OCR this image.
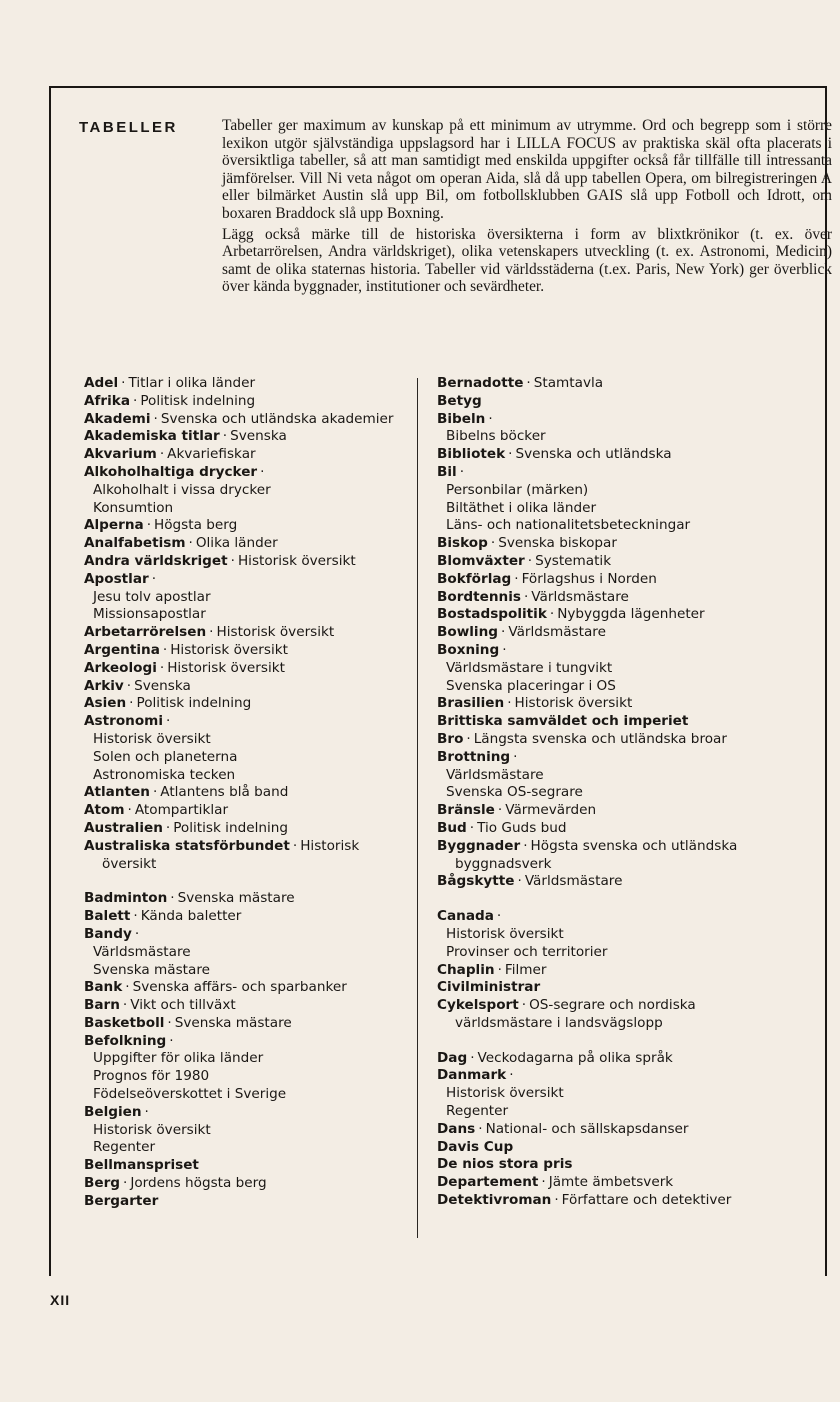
TABELLER	Tabeller ger maximum av kunskap på ett minimum av utrymme. Ord och begrepp som i större lexikon utgör självständiga uppslagsord har i LILLA FOCUS av praktiska skäl ofta placerats i översiktliga tabeller, så att man samtidigt med enskilda uppgifter också får tillfälle till intressanta jämförelser. Vill Ni veta något om operan Aida, slå då upp tabellen Opera, om bilregistreringen A eller bilmärket Austin slå upp Bil, om fotbollsklubben GAIS slå upp Fotboll och Idrott, om boxaren Braddock slå upp Boxning.

Lägg också märke till de historiska översikterna i form av blixtkrönikor (t. ex. över Arbetarrörelsen, Andra världskriget), olika vetenskapers utveckling (t. ex. Astronomi, Medicin) samt de olika staternas historia. Tabeller vid världsstäderna (t.ex. Paris, New York) ger överblick över kända byggnader, institutioner och sevärdheter.

Adel · Titlar i olika länder
Afrika · Politisk indelning
Akademi · Svenska och utländska akademier
Akademiska titlar · Svenska
Akvarium · Akvariefiskar
Alkoholhaltiga drycker ·
Alkoholhalt i vissa drycker
Konsumtion
Alperna · Högsta berg
Analfabetism · Olika länder
Andra världskriget · Historisk översikt
Apostlar ·
Jesu tolv apostlar
Missionsapostlar
Arbetarrörelsen · Historisk översikt
Argentina · Historisk översikt
Arkeologi · Historisk översikt
Arkiv · Svenska
Asien · Politisk indelning
Astronomi ·
Historisk översikt
Solen och planeterna
Astronomiska tecken
Atlanten · Atlantens blå band
Atom · Atompartiklar
Australien · Politisk indelning
Australiska statsförbundet · Historisk översikt
Badminton · Svenska mästare
Balett · Kända baletter
Bandy ·
Världsmästare
Svenska mästare
Bank · Svenska affärs- och sparbanker
Barn · Vikt och tillväxt
Basketboll · Svenska mästare
Befolkning ·
Uppgifter för olika länder
Prognos för 1980
Födelseöverskottet i Sverige
Belgien ·
Historisk översikt
Regenter
Bellmanspriset
Berg · Jordens högsta berg
Bergarter
Bernadotte · Stamtavla
Betyg
Bibeln ·
Bibelns böcker
Bibliotek · Svenska och utländska
Bil ·
Personbilar (märken)
Biltäthet i olika länder
Läns- och nationalitetsbeteckningar
Biskop · Svenska biskopar
Blomväxter · Systematik
Bokförlag · Förlagshus i Norden
Bordtennis · Världsmästare
Bostadspolitik · Nybyggda lägenheter
Bowling · Världsmästare
Boxning ·
Världsmästare i tungvikt
Svenska placeringar i OS
Brasilien · Historisk översikt
Brittiska samväldet och imperiet
Bro · Längsta svenska och utländska broar
Brottning ·
Världsmästare
Svenska OS-segrare
Bränsle · Värmevärden
Bud · Tio Guds bud
Byggnader · Högsta svenska och utländska byggnadsverk
Bågskytte · Världsmästare
Canada ·
Historisk översikt
Provinser och territorier
Chaplin · Filmer
Civilministrar
Cykelsport · OS-segrare och nordiska världsmästare i landsvägslopp
Dag · Veckodagarna på olika språk
Danmark ·
Historisk översikt
Regenter
Dans · National- och sällskapsdanser
Davis Cup
De nios stora pris
Departement · Jämte ämbetsverk
Detektivroman · Författare och detektiver
XII
